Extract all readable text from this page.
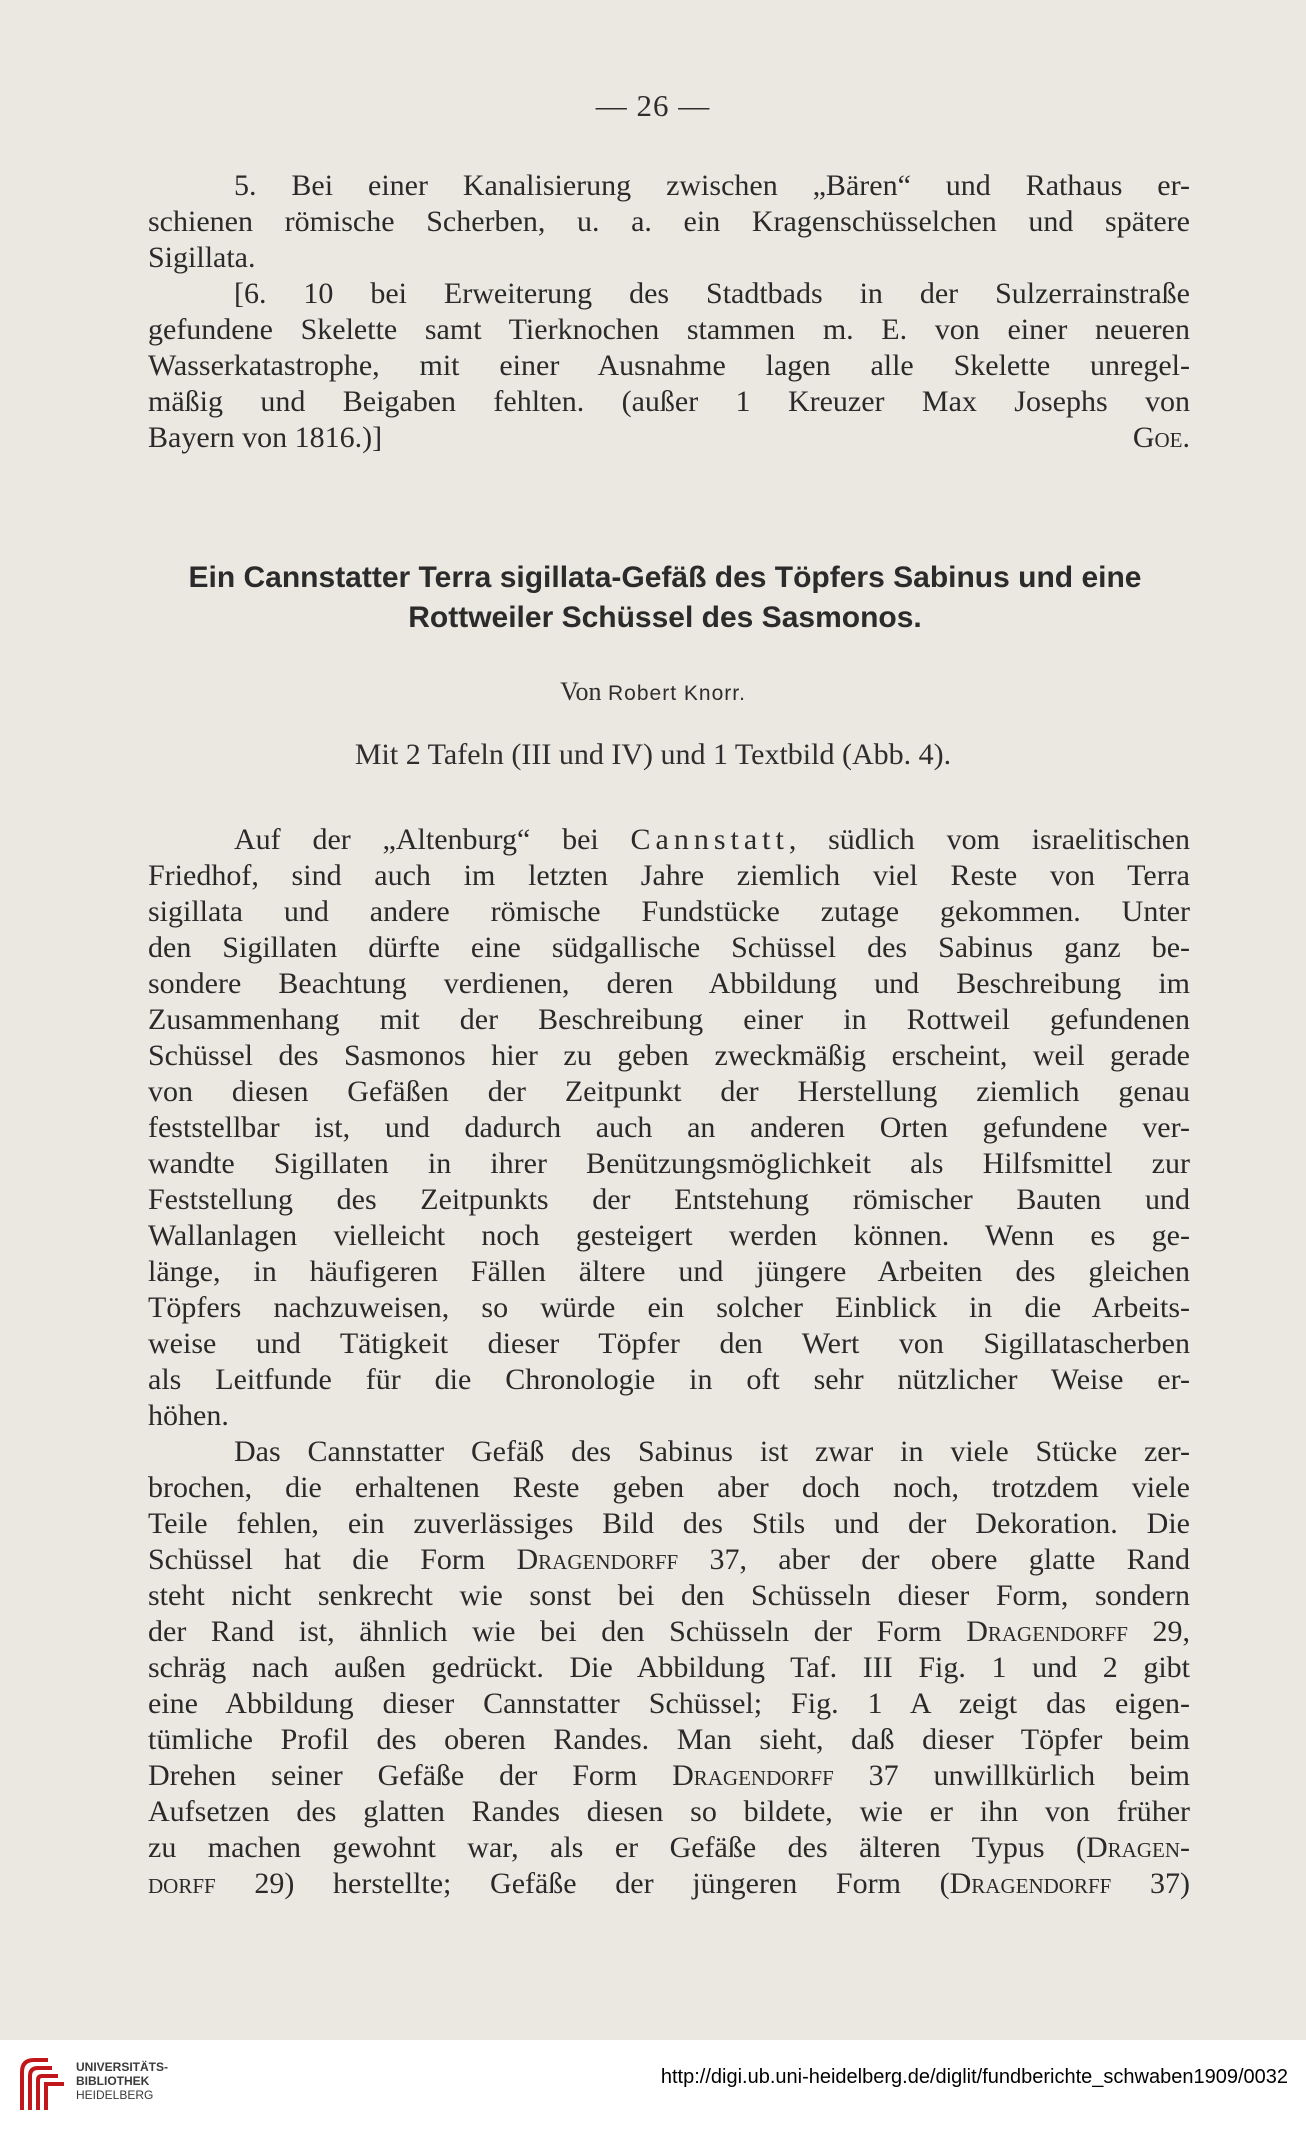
— 26 —
5. Bei einer Kanalisierung zwischen „Bären“ und Rathaus er-
schienen römische Scherben, u. a. ein Kragenschüsselchen und spätere
Sigillata.
[6. 10 bei Erweiterung des Stadtbads in der Sulzerrainstraße
gefundene Skelette samt Tierknochen stammen m. E. von einer neueren
Wasserkatastrophe, mit einer Ausnahme lagen alle Skelette unregel-
mäßig und Beigaben fehlten. (außer 1 Kreuzer Max Josephs von
Bayern von 1816.)]	Goe.
Ein Cannstatter Terra sigillata-Gefäß des Töpfers Sabinus und eine
Rottweiler Schüssel des Sasmonos.
Von Robert Knorr.
Mit 2 Tafeln (III und IV) und 1 Textbild (Abb. 4).
Auf der „Altenburg“ bei Cannstatt, südlich vom israelitischen
Friedhof, sind auch im letzten Jahre ziemlich viel Reste von Terra
sigillata und andere römische Fundstücke zutage gekommen. Unter
den Sigillaten dürfte eine südgallische Schüssel des Sabinus ganz be-
sondere Beachtung verdienen, deren Abbildung und Beschreibung im
Zusammenhang mit der Beschreibung einer in Rottweil gefundenen
Schüssel des Sasmonos hier zu geben zweckmäßig erscheint, weil gerade
von diesen Gefäßen der Zeitpunkt der Herstellung ziemlich genau
feststellbar ist, und dadurch auch an anderen Orten gefundene ver-
wandte Sigillaten in ihrer Benützungsmöglichkeit als Hilfsmittel zur
Feststellung des Zeitpunkts der Entstehung römischer Bauten und
Wallanlagen vielleicht noch gesteigert werden können. Wenn es ge-
länge, in häufigeren Fällen ältere und jüngere Arbeiten des gleichen
Töpfers nachzuweisen, so würde ein solcher Einblick in die Arbeits-
weise und Tätigkeit dieser Töpfer den Wert von Sigillatascherben
als Leitfunde für die Chronologie in oft sehr nützlicher Weise er-
höhen.
Das Cannstatter Gefäß des Sabinus ist zwar in viele Stücke zer-
brochen, die erhaltenen Reste geben aber doch noch, trotzdem viele
Teile fehlen, ein zuverlässiges Bild des Stils und der Dekoration. Die
Schüssel hat die Form Dragendorff 37, aber der obere glatte Rand
steht nicht senkrecht wie sonst bei den Schüsseln dieser Form, sondern
der Rand ist, ähnlich wie bei den Schüsseln der Form Dragendorff 29,
schräg nach außen gedrückt. Die Abbildung Taf. III Fig. 1 und 2 gibt
eine Abbildung dieser Cannstatter Schüssel; Fig. 1 A zeigt das eigen-
tümliche Profil des oberen Randes. Man sieht, daß dieser Töpfer beim
Drehen seiner Gefäße der Form Dragendorff 37 unwillkürlich beim
Aufsetzen des glatten Randes diesen so bildete, wie er ihn von früher
zu machen gewohnt war, als er Gefäße des älteren Typus (Dragen-
dorff 29) herstellte; Gefäße der jüngeren Form (Dragendorff 37)
UNIVERSITÄTS-
BIBLIOTHEK
HEIDELBERG
http://digi.ub.uni-heidelberg.de/diglit/fundberichte_schwaben1909/0032
